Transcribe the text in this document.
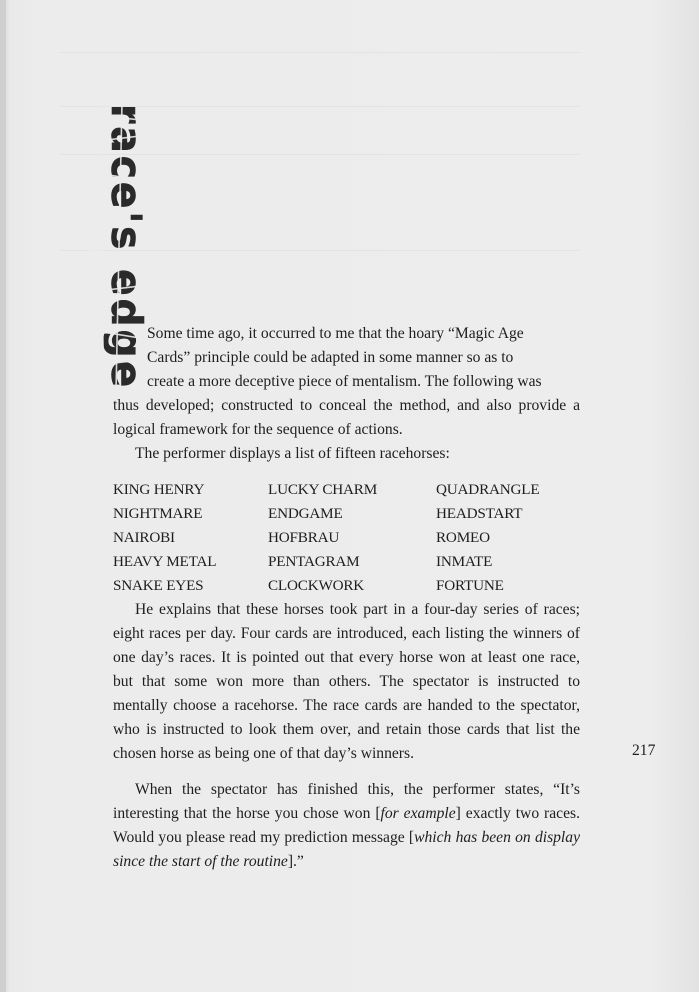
race's edge

Some time ago, it occurred to me that the hoary “Magic Age
Cards” principle could be adapted in some manner so as to
create a more deceptive piece of mentalism. The following was
thus developed; constructed to conceal the method, and also provide a logical framework for the sequence of actions.

The performer displays a list of fifteen racehorses:

KING HENRY	LUCKY CHARM	QUADRANGLE
NIGHTMARE	ENDGAME	HEADSTART
NAIROBI	HOFBRAU	ROMEO
HEAVY METAL	PENTAGRAM	INMATE
SNAKE EYES	CLOCKWORK	FORTUNE

He explains that these horses took part in a four-day series of races; eight races per day. Four cards are introduced, each listing the winners of one day’s races. It is pointed out that every horse won at least one race, but that some won more than others. The spectator is instructed to mentally choose a racehorse. The race cards are handed to the spectator, who is instructed to look them over, and retain those cards that list the chosen horse as being one of that day’s winners.

When the spectator has finished this, the performer states, “It’s interesting that the horse you chose won [for example] exactly two races. Would you please read my prediction message [which has been on display since the start of the routine].”

217
